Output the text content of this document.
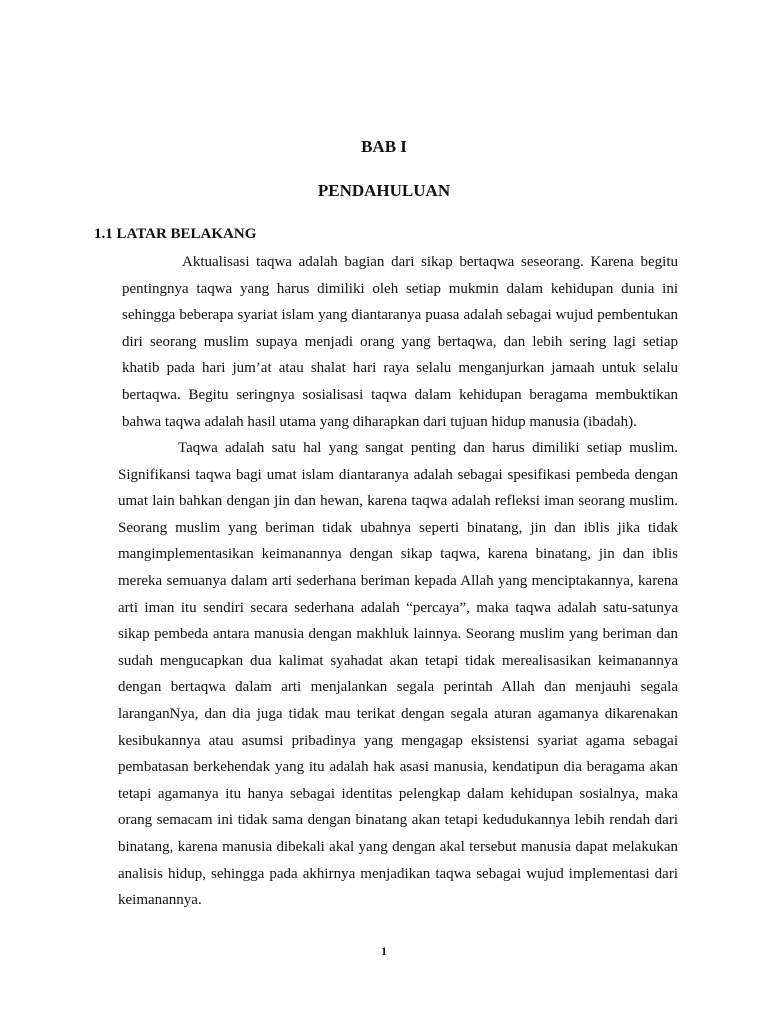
BAB I
PENDAHULUAN
1.1 LATAR BELAKANG

Aktualisasi taqwa adalah bagian dari sikap bertaqwa seseorang. Karena begitu pentingnya taqwa yang harus dimiliki oleh setiap mukmin dalam kehidupan dunia ini sehingga beberapa syariat islam yang diantaranya puasa adalah sebagai wujud pembentukan diri seorang muslim supaya menjadi orang yang bertaqwa, dan lebih sering lagi setiap khatib pada hari jum’at atau shalat hari raya selalu menganjurkan jamaah untuk selalu bertaqwa. Begitu seringnya sosialisasi taqwa dalam kehidupan beragama membuktikan bahwa taqwa adalah hasil utama yang diharapkan dari tujuan hidup manusia (ibadah).

Taqwa adalah satu hal yang sangat penting dan harus dimiliki setiap muslim. Signifikansi taqwa bagi umat islam diantaranya adalah sebagai spesifikasi pembeda dengan umat lain bahkan dengan jin dan hewan, karena taqwa adalah refleksi iman seorang muslim. Seorang muslim yang beriman tidak ubahnya seperti binatang, jin dan iblis jika tidak mangimplementasikan keimanannya dengan sikap taqwa, karena binatang, jin dan iblis mereka semuanya dalam arti sederhana beriman kepada Allah yang menciptakannya, karena arti iman itu sendiri secara sederhana adalah “percaya”, maka taqwa adalah satu-satunya sikap pembeda antara manusia dengan makhluk lainnya. Seorang muslim yang beriman dan sudah mengucapkan dua kalimat syahadat akan tetapi tidak merealisasikan keimanannya dengan bertaqwa dalam arti menjalankan segala perintah Allah dan menjauhi segala laranganNya, dan dia juga tidak mau terikat dengan segala aturan agamanya dikarenakan kesibukannya atau asumsi pribadinya yang mengagap eksistensi syariat agama sebagai pembatasan berkehendak yang itu adalah hak asasi manusia, kendatipun dia beragama akan tetapi agamanya itu hanya sebagai identitas pelengkap dalam kehidupan sosialnya, maka orang semacam ini tidak sama dengan binatang akan tetapi kedudukannya lebih rendah dari binatang, karena manusia dibekali akal yang dengan akal tersebut manusia dapat melakukan analisis hidup, sehingga pada akhirnya menjadikan taqwa sebagai wujud implementasi dari keimanannya.

1
